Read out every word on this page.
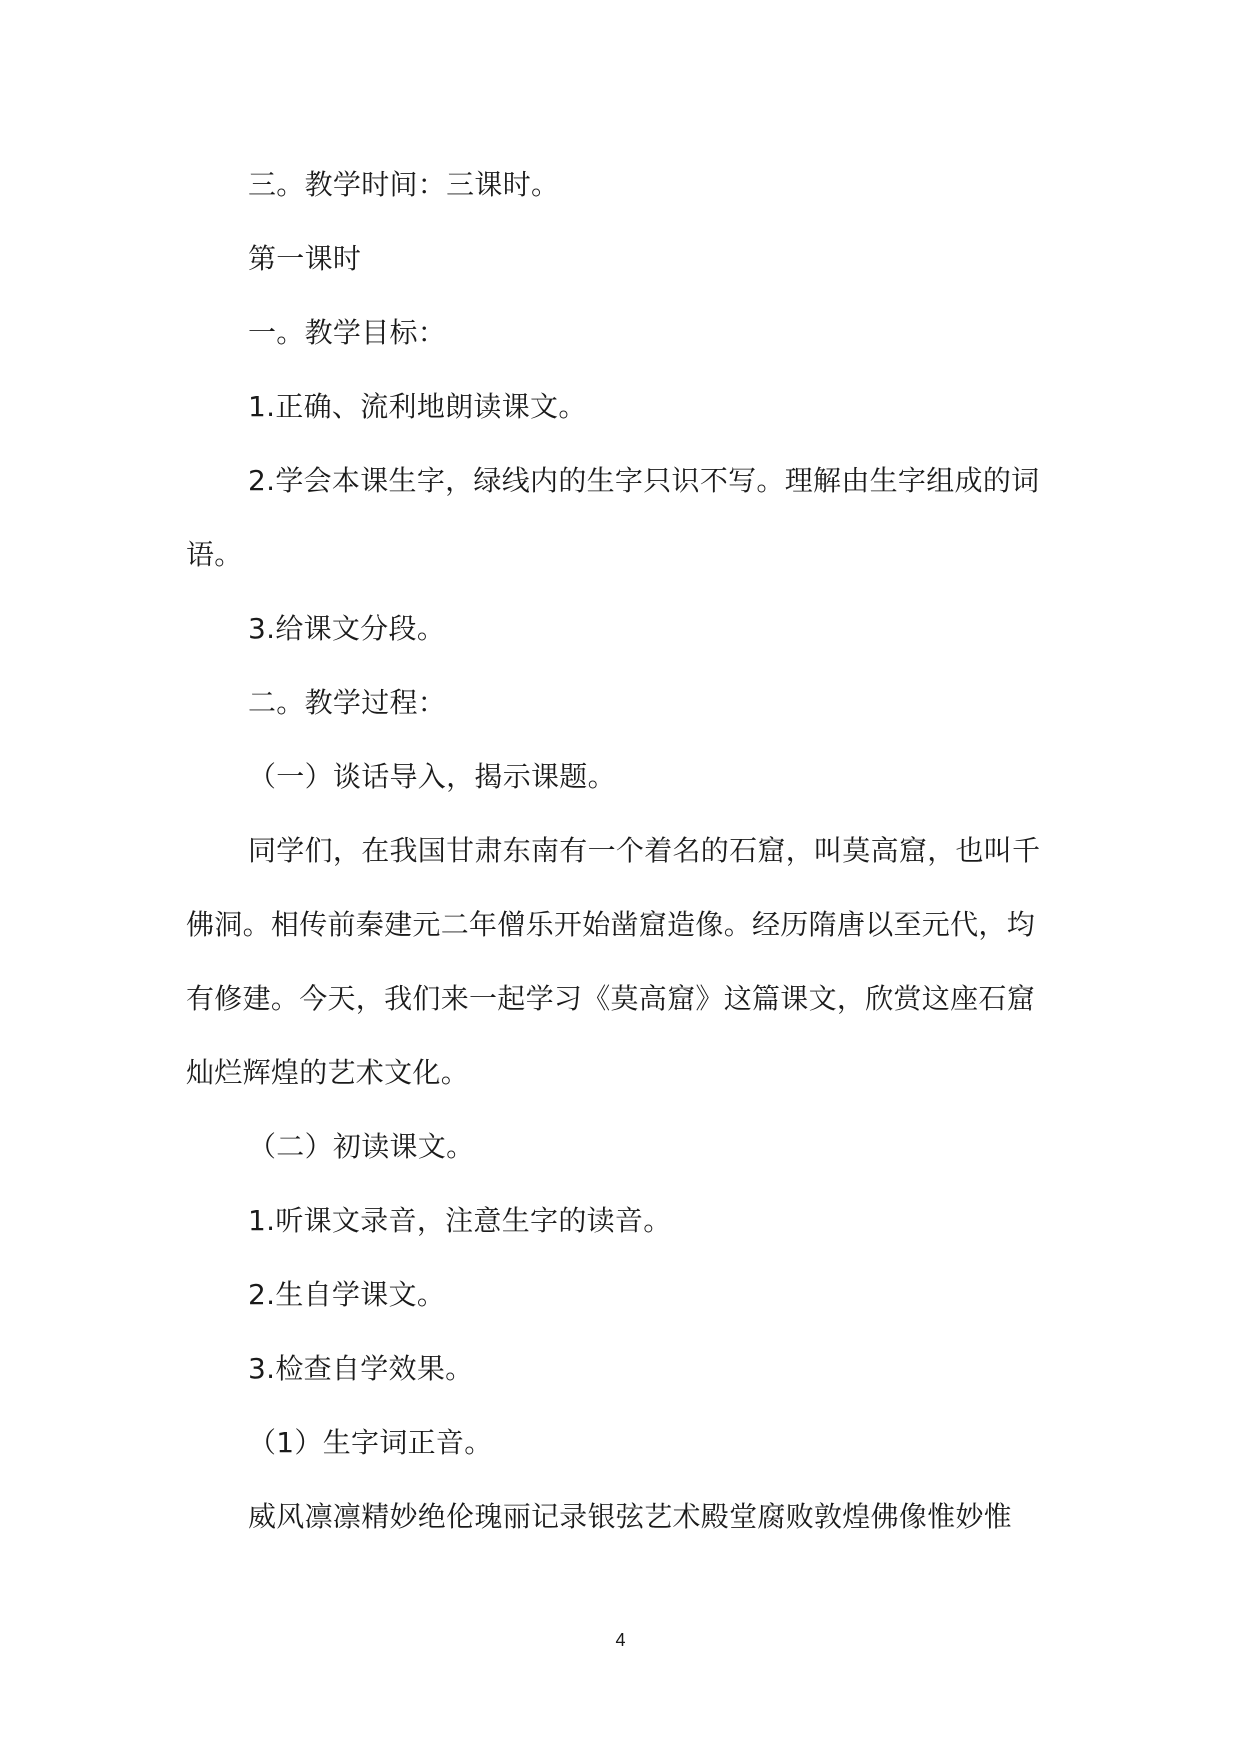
三。教学时间：三课时。

第一课时

一。教学目标：

1.正确、流利地朗读课文。

2.学会本课生字，绿线内的生字只识不写。理解由生字组成的词语。

3.给课文分段。

二。教学过程：

（一）谈话导入，揭示课题。

同学们，在我国甘肃东南有一个着名的石窟，叫莫高窟，也叫千佛洞。相传前秦建元二年僧乐开始凿窟造像。经历隋唐以至元代，均有修建。今天，我们来一起学习《莫高窟》这篇课文，欣赏这座石窟灿烂辉煌的艺术文化。

（二）初读课文。

1.听课文录音，注意生字的读音。

2.生自学课文。

3.检查自学效果。

（1）生字词正音。

威风凛凛精妙绝伦瑰丽记录银弦艺术殿堂腐败敦煌佛像惟妙惟

4
